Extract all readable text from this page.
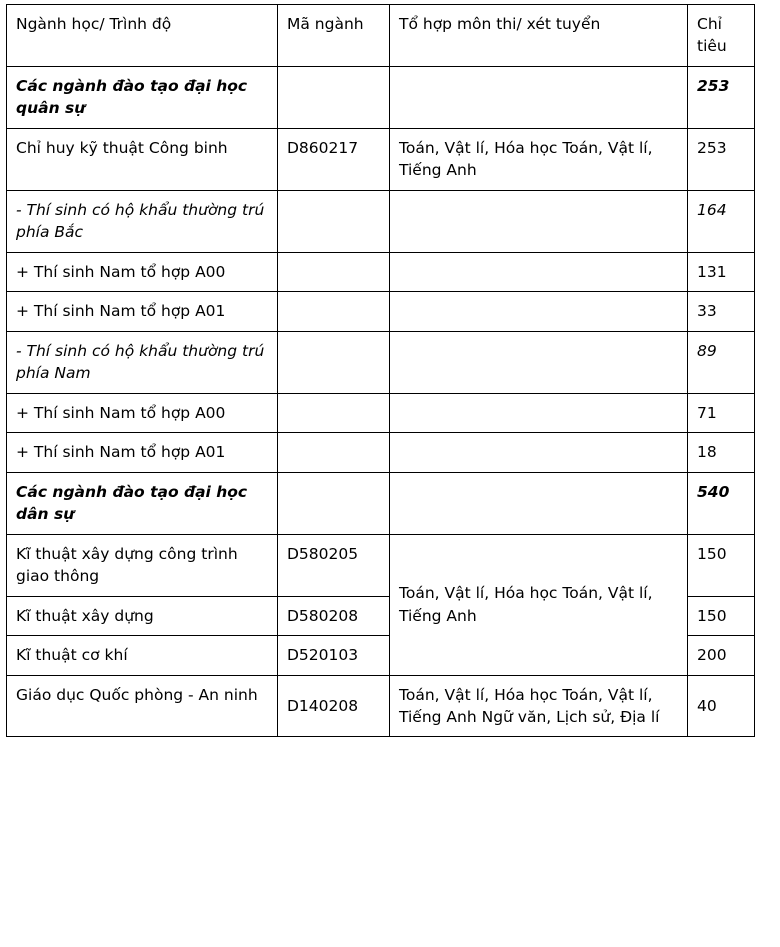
Ngành học/ Trình độ	Mã ngành	Tổ hợp môn thi/ xét tuyển	Chỉ tiêu
Các ngành đào tạo đại học quân sự			253
Chỉ huy kỹ thuật Công binh	D860217	Toán, Vật lí, Hóa học Toán, Vật lí, Tiếng Anh	253
- Thí sinh có hộ khẩu thường trú phía Bắc			164
+ Thí sinh Nam tổ hợp A00			131
+ Thí sinh Nam tổ hợp A01			33
- Thí sinh có hộ khẩu thường trú phía Nam			89
+ Thí sinh Nam tổ hợp A00			71
+ Thí sinh Nam tổ hợp A01			18
Các ngành đào tạo đại học dân sự			540
Kĩ thuật xây dựng công trình giao thông	D580205	Toán, Vật lí, Hóa học Toán, Vật lí, Tiếng Anh	150
Kĩ thuật xây dựng	D580208		150
Kĩ thuật cơ khí	D520103		200
Giáo dục Quốc phòng - An ninh	D140208	Toán, Vật lí, Hóa học Toán, Vật lí, Tiếng Anh Ngữ văn, Lịch sử, Địa lí	40
